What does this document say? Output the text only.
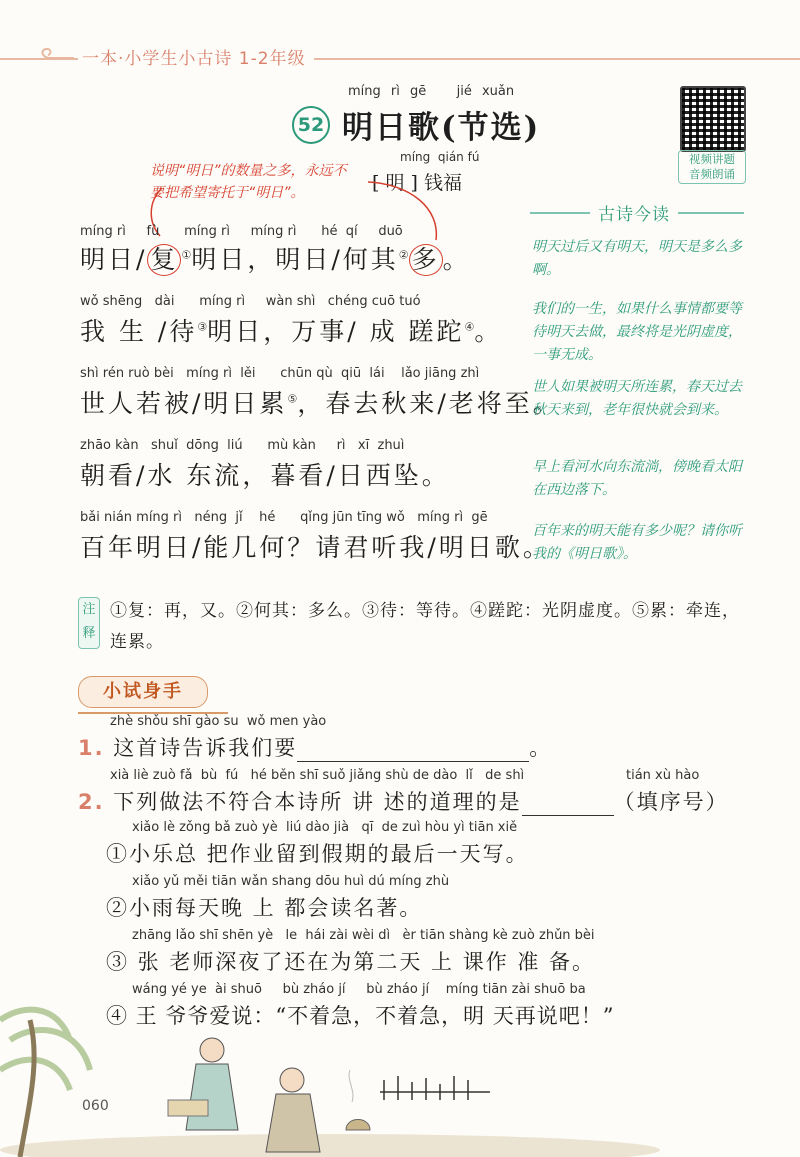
一本·小学生小古诗 1-2年级
52
míng rì gē   jié xuǎn
明日歌(节选)
视频讲题
音频朗诵
míng  qián fú
[ 明 ] 钱福
说明“明日”的数量之多，永远不要把希望寄托于“明日”。
míng rì     fù      míng rì     míng rì      hé  qí     duō
明日/ 复 ①明日，明日/何其② 多 。
wǒ shēng   dài      míng rì     wàn shì   chéng cuō tuó
我 生 /待③明日，万事/ 成 蹉跎④。
shì rén ruò bèi   míng rì  lěi      chūn qù  qiū  lái    lǎo jiāng zhì
世人若被/明日累⑤，春去秋来/老将至。
zhāo kàn   shuǐ  dōng  liú      mù kàn     rì   xī  zhuì
朝看/水 东流，暮看/日西坠。
bǎi nián míng rì   néng  jǐ    hé      qǐng jūn tīng wǒ   míng rì  gē
百年明日/能几何？请君听我/明日歌。
古诗今读
明天过后又有明天，明天是多么多啊。
我们的一生，如果什么事情都要等待明天去做，最终将是光阴虚度，一事无成。
世人如果被明天所连累，春天过去秋天来到，老年很快就会到来。
早上看河水向东流淌，傍晚看太阳在西边落下。
百年来的明天能有多少呢？请你听我的《明日歌》。
注释
①复：再，又。②何其：多么。③待：等待。④蹉跎：光阴虚度。⑤累：牵连，连累。
小试身手
zhè shǒu shī gào su  wǒ men yào
1. 这首诗告诉我们要	。
xià liè zuò fǎ  bù  fú   hé běn shī suǒ jiǎng shù de dào  lǐ   de shì	tián xù hào
2. 下列做法不符合本诗所 讲 述的道理的是	（填序号）
xiǎo lè zǒng bǎ zuò yè  liú dào jià   qī  de zuì hòu yì tiān xiě
①小乐总 把作业留到假期的最后一天写。
xiǎo yǔ měi tiān wǎn shang dōu huì dú míng zhù
②小雨每天晚 上 都会读名著。
zhāng lǎo shī shēn yè   le  hái zài wèi dì   èr tiān shàng kè zuò zhǔn bèi
③ 张 老师深夜了还在为第二天 上 课作 准 备。
wáng yé ye  ài shuō     bù zháo jí     bù zháo jí    míng tiān zài shuō ba
④ 王 爷爷爱说：“不着急，不着急，明 天再说吧！”
060
